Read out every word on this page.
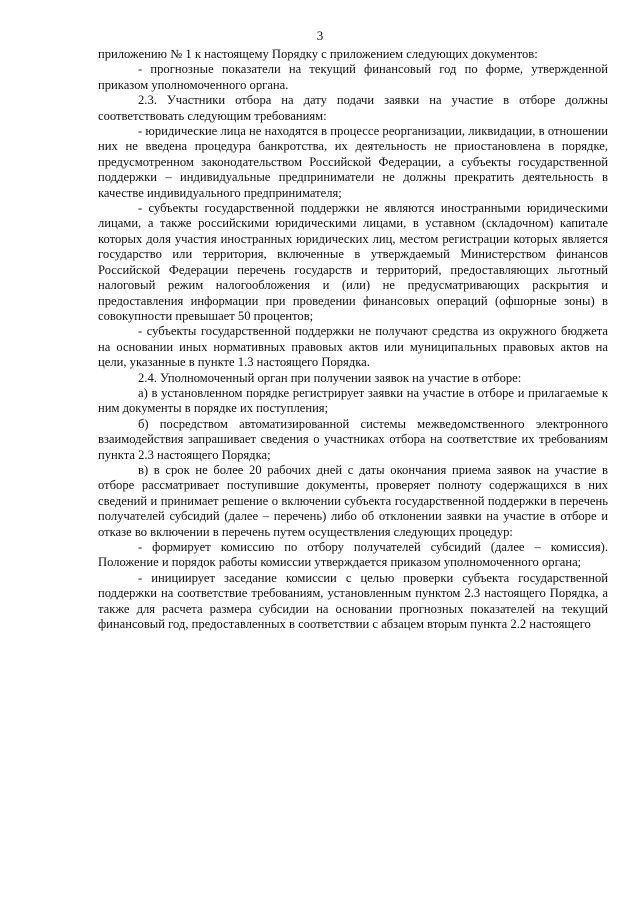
3

приложению № 1 к настоящему Порядку с приложением следующих документов:

- прогнозные показатели на текущий финансовый год по форме, утвержденной приказом уполномоченного органа.

2.3. Участники отбора на дату подачи заявки на участие в отборе должны соответствовать следующим требованиям:

- юридические лица не находятся в процессе реорганизации, ликвидации, в отношении них не введена процедура банкротства, их деятельность не приостановлена в порядке, предусмотренном законодательством Российской Федерации, а субъекты государственной поддержки – индивидуальные предприниматели не должны прекратить деятельность в качестве индивидуального предпринимателя;

- субъекты государственной поддержки не являются иностранными юридическими лицами, а также российскими юридическими лицами, в уставном (складочном) капитале которых доля участия иностранных юридических лиц, местом регистрации которых является государство или территория, включенные в утверждаемый Министерством финансов Российской Федерации перечень государств и территорий, предоставляющих льготный налоговый режим налогообложения и (или) не предусматривающих раскрытия и предоставления информации при проведении финансовых операций (офшорные зоны) в совокупности превышает 50 процентов;

- субъекты государственной поддержки не получают средства из окружного бюджета на основании иных нормативных правовых актов или муниципальных правовых актов на цели, указанные в пункте 1.3 настоящего Порядка.

2.4. Уполномоченный орган при получении заявок на участие в отборе:

а) в установленном порядке регистрирует заявки на участие в отборе и прилагаемые к ним документы в порядке их поступления;

б) посредством автоматизированной системы межведомственного электронного взаимодействия запрашивает сведения о участниках отбора на соответствие их требованиям пункта 2.3 настоящего Порядка;

в) в срок не более 20 рабочих дней с даты окончания приема заявок на участие в отборе рассматривает поступившие документы, проверяет полноту содержащихся в них сведений и принимает решение о включении субъекта государственной поддержки в перечень получателей субсидий (далее – перечень) либо об отклонении заявки на участие в отборе и отказе во включении в перечень путем осуществления следующих процедур:

- формирует комиссию по отбору получателей субсидий (далее – комиссия). Положение и порядок работы комиссии утверждается приказом уполномоченного органа;

- инициирует заседание комиссии с целью проверки субъекта государственной поддержки на соответствие требованиям, установленным пунктом 2.3 настоящего Порядка, а также для расчета размера субсидии на основании прогнозных показателей на текущий финансовый год, предоставленных в соответствии с абзацем вторым пункта 2.2 настоящего
